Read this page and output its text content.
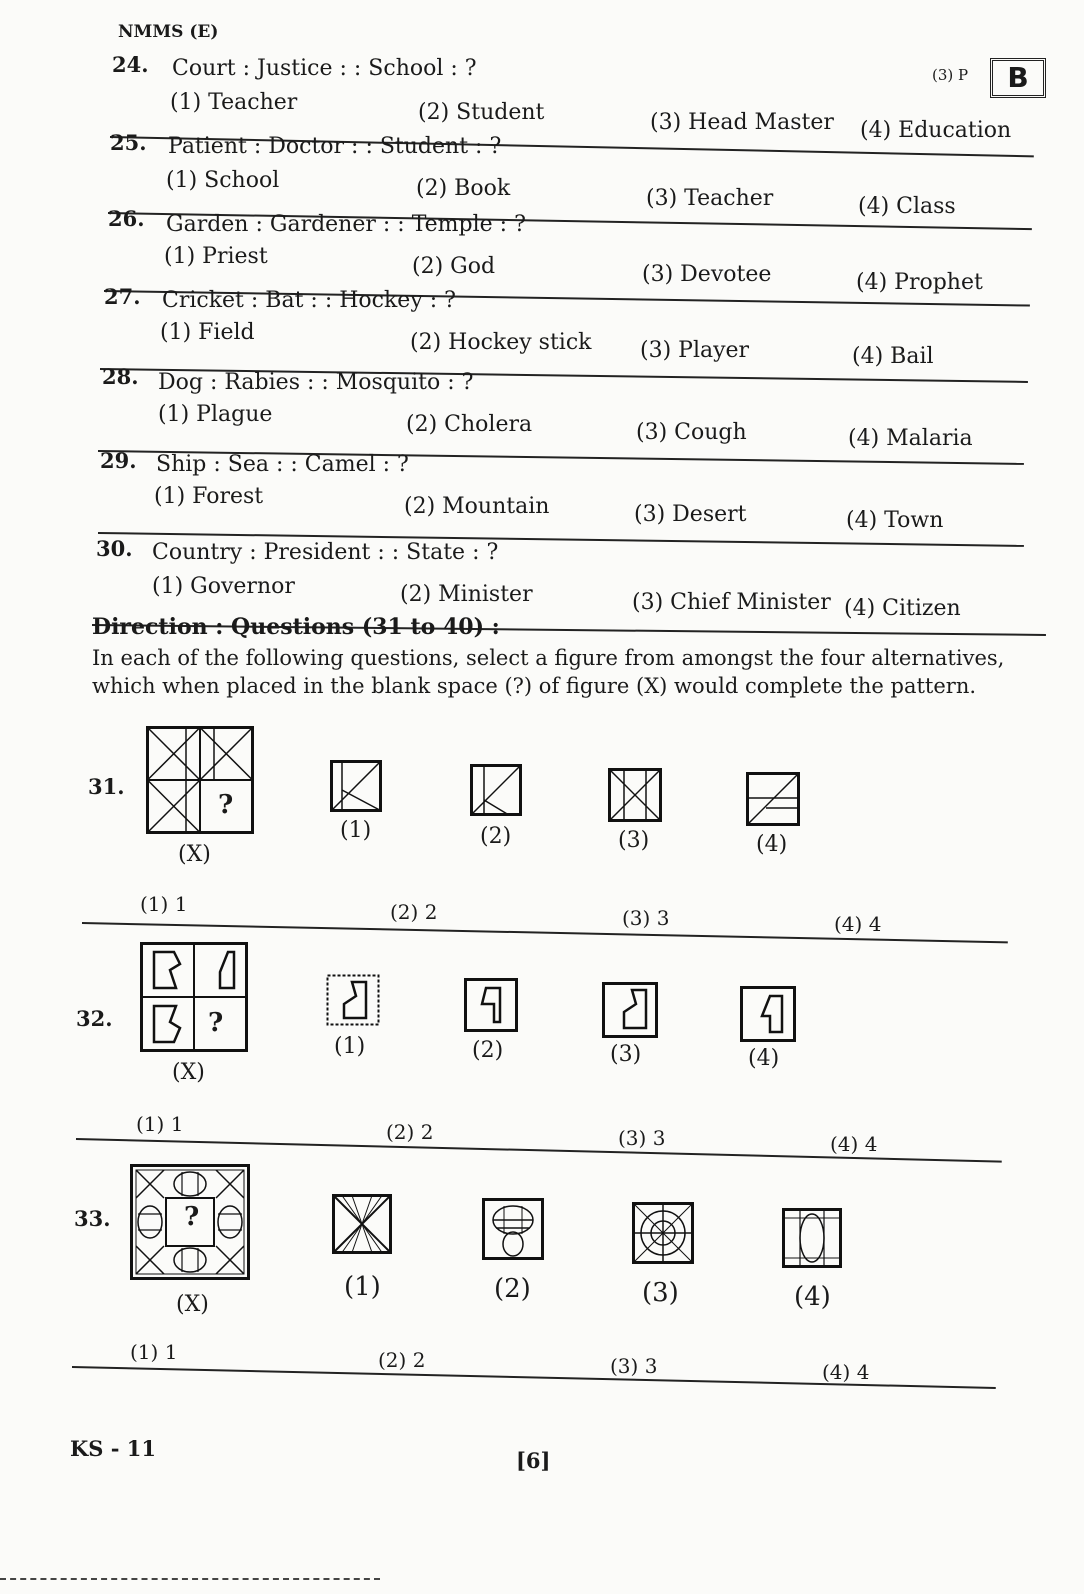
NMMS (E)
(3) P	B
24. Court : Justice : : School : ?
(1) Teacher	(2) Student	(3) Head Master (4) Education
25. Patient : Doctor : : Student : ?
(1) School	(2) Book	(3) Teacher	(4) Class
26. Garden : Gardener : : Temple : ?
(1) Priest	(2) God	(3) Devotee	(4) Prophet
27. Cricket : Bat : : Hockey : ?
(1) Field	(2) Hockey stick (3) Player	(4) Bail
28. Dog : Rabies : : Mosquito : ?
(1) Plague	(2) Cholera	(3) Cough	(4) Malaria
29. Ship : Sea : : Camel : ?
(1) Forest	(2) Mountain	(3) Desert	(4) Town
30. Country : President : : State : ?
(1) Governor	(2) Minister	(3) Chief Minister (4) Citizen
Direction : Questions (31 to 40) :
In each of the following questions, select a figure from amongst the four alternatives, which when placed in the blank space (?) of figure (X) would complete the pattern.
31.
?
(X)
(1)	(2)	(3)	(4)
(1) 1	(2) 2	(3) 3	(4) 4
32.	?
(X)
(1)	(2)	(3)	(4)
(1) 1	(2) 2	(3) 3	(4) 4
33.	?
(X)
(1)	(2)	(3)	(4)
(1) 1	(2) 2	(3) 3	(4) 4
KS - 11	[6]
